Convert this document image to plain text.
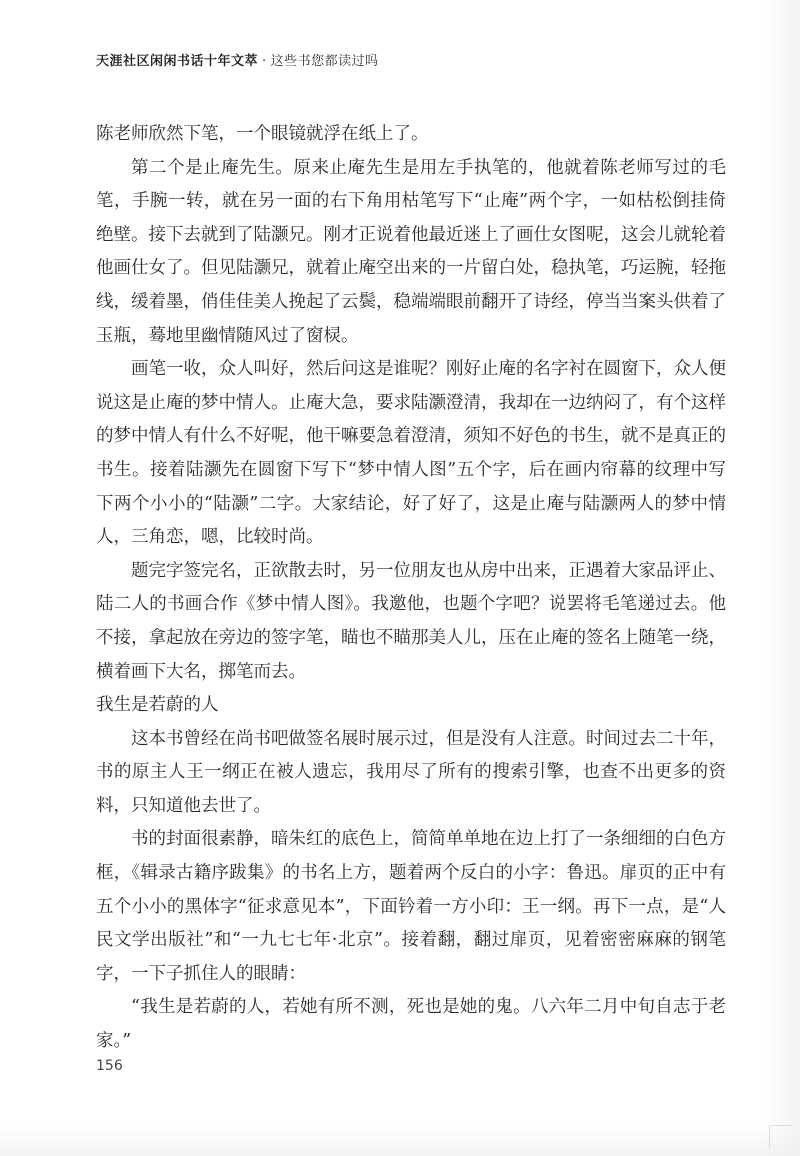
天涯社区闲闲书话十年文萃 · 这些书您都读过吗

陈老师欣然下笔，一个眼镜就浮在纸上了。

第二个是止庵先生。原来止庵先生是用左手执笔的，他就着陈老师写过的毛笔，手腕一转，就在另一面的右下角用枯笔写下“止庵”两个字，一如枯松倒挂倚绝壁。接下去就到了陆灏兄。刚才正说着他最近迷上了画仕女图呢，这会儿就轮着他画仕女了。但见陆灏兄，就着止庵空出来的一片留白处，稳执笔，巧运腕，轻拖线，缓着墨，俏佳佳美人挽起了云鬓，稳端端眼前翻开了诗经，停当当案头供着了玉瓶，蓦地里幽情随风过了窗棂。

画笔一收，众人叫好，然后问这是谁呢？刚好止庵的名字衬在圆窗下，众人便说这是止庵的梦中情人。止庵大急，要求陆灏澄清，我却在一边纳闷了，有个这样的梦中情人有什么不好呢，他干嘛要急着澄清，须知不好色的书生，就不是真正的书生。接着陆灏先在圆窗下写下“梦中情人图”五个字，后在画内帘幕的纹理中写下两个小小的“陆灏”二字。大家结论，好了好了，这是止庵与陆灏两人的梦中情人，三角恋，嗯，比较时尚。

题完字签完名，正欲散去时，另一位朋友也从房中出来，正遇着大家品评止、陆二人的书画合作《梦中情人图》。我邀他，也题个字吧？说罢将毛笔递过去。他不接，拿起放在旁边的签字笔，瞄也不瞄那美人儿，压在止庵的签名上随笔一绕，横着画下大名，掷笔而去。

我生是若蔚的人

这本书曾经在尚书吧做签名展时展示过，但是没有人注意。时间过去二十年，书的原主人王一纲正在被人遗忘，我用尽了所有的搜索引擎，也查不出更多的资料，只知道他去世了。

书的封面很素静，暗朱红的底色上，简简单单地在边上打了一条细细的白色方框，《辑录古籍序跋集》的书名上方，题着两个反白的小字：鲁迅。扉页的正中有五个小小的黑体字“征求意见本”，下面钤着一方小印：王一纲。再下一点，是“人民文学出版社”和“一九七七年·北京”。接着翻，翻过扉页，见着密密麻麻的钢笔字，一下子抓住人的眼睛：

“我生是若蔚的人，若她有所不测，死也是她的鬼。八六年二月中旬自志于老家。”

156
